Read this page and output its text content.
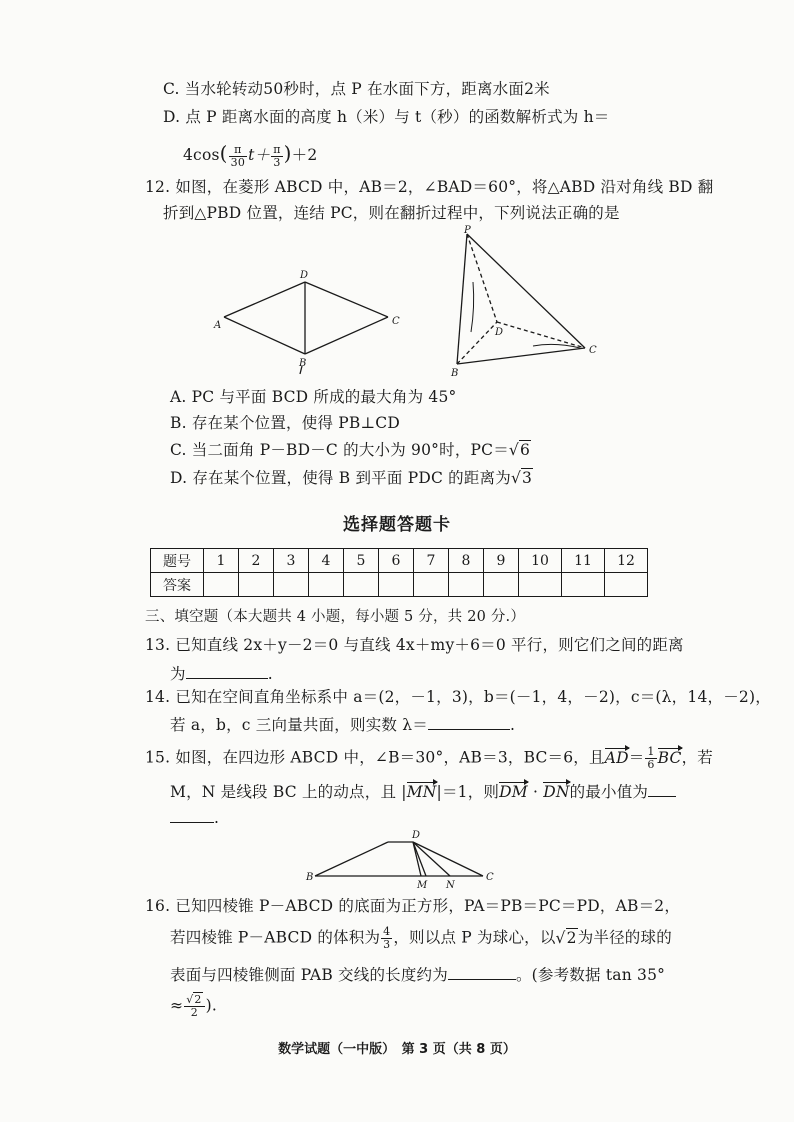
C. 当水轮转动50秒时，点 P 在水面下方，距离水面2米
D. 点 P 距离水面的高度 h（米）与 t（秒）的函数解析式为 h＝
$4\cos( \frac{\pi}{30} t+ \frac{\pi}{3} )+2$
12. 如图，在菱形 ABCD 中，AB＝2，∠BAD＝60°，将△ABD 沿对角线 BD 翻
折到△PBD 位置，连结 PC，则在翻折过程中，下列说法正确的是
D
A	C
B
P
D
C
B
A. PC 与平面 BCD 所成的最大角为 45°
B. 存在某个位置，使得 PB⊥CD
C. 当二面角 P－BD－C 的大小为 90°时，PC＝√6
D. 存在某个位置，使得 B 到平面 PDC 的距离为√3
选择题答题卡
题号	1	2	3	4	5	6	7	8	9	10	11	12
答案												
三、填空题（本大题共 4 小题，每小题 5 分，共 20 分.）
13. 已知直线 2x＋y－2＝0 与直线 4x＋my＋6＝0 平行，则它们之间的距离
为	.
14. 已知在空间直角坐标系中 a＝(2，－1，3)，b＝(－1，4，－2)，c＝(λ，14，－2)，
若 a，b，c 三向量共面，则实数 λ＝	.
15. 如图，在四边形 ABCD 中，∠B＝30°，AB＝3，BC＝6，且$AD= \frac{1}{6}$ BC，若
M，N 是线段 BC 上的动点，且 |MN|＝1，则DM · DN的最小值为
.
D
B
M N
C
16. 已知四棱锥 P－ABCD 的底面为正方形，PA＝PB＝PC＝PD，AB＝2，
若四棱锥 P－ABCD 的体积为 $\frac{4}{3}$ ，则以点 P 为球心，以√2为半径的球的
表面与四棱锥侧面 PAB 交线的长度约为	。(参考数据 tan 35°
≈ $\frac{√2}{2}$ ).
数学试题（一中版）　第 3 页（共 8 页）
